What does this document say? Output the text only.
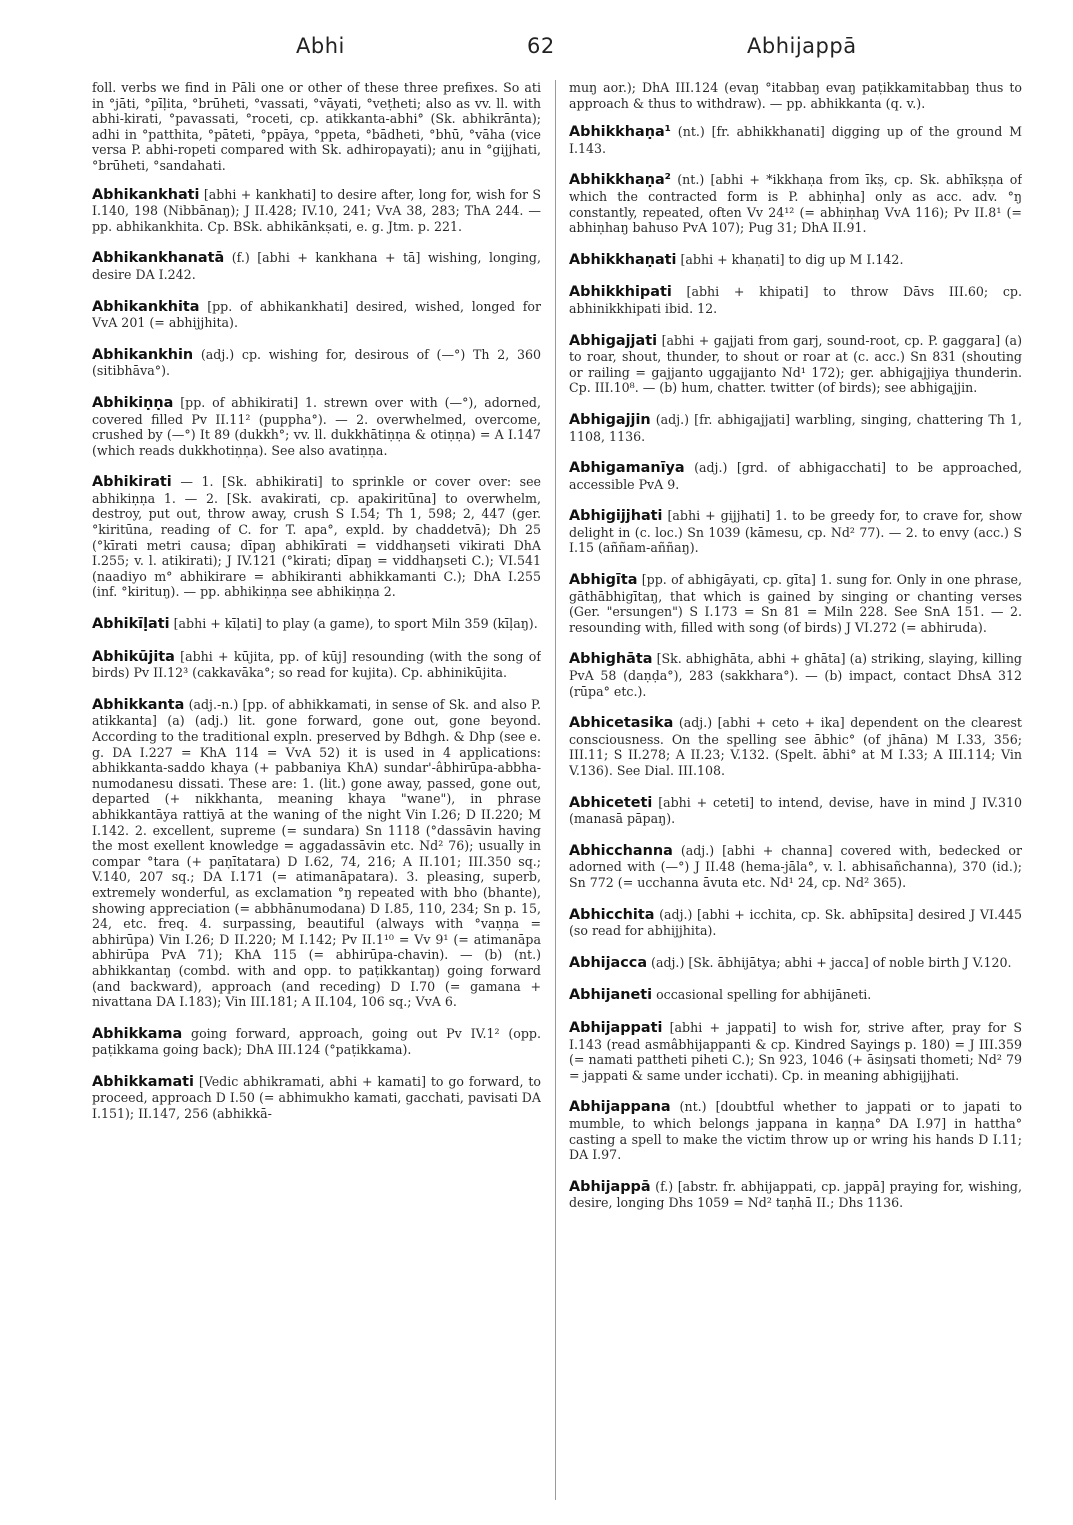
Abhi	62	Abhijappā

foll. verbs we find in Pāli one or other of these three prefixes. So ati in °jāti, °pīḷita, °brūheti, °vassati, °vāyati, °veṭheti; also as vv. ll. with abhi-kirati, °pavassati, °roceti, cp. atikkanta-abhi° (Sk. abhikrānta); adhi in °patthita, °pāteti, °ppāya, °ppeta, °bādheti, °bhū, °vāha (vice versa P. abhi-ropeti compared with Sk. adhiropayati); anu in °gijjhati, °brūheti, °sandahati.

Abhikankhati [abhi + kankhati] to desire after, long for, wish for S I.140, 198 (Nibbānaŋ); J II.428; IV.10, 241; VvA 38, 283; ThA 244. — pp. abhikankhita. Cp. BSk. abhikānkṣati, e. g. Jtm. p. 221.

Abhikankhanatā (f.) [abhi + kankhana + tā] wishing, longing, desire DA I.242.

Abhikankhita [pp. of abhikankhati] desired, wished, longed for VvA 201 (= abhijjhita).

Abhikankhin (adj.) cp. wishing for, desirous of (—°) Th 2, 360 (sitibhāva°).

Abhikiṇṇa [pp. of abhikirati] 1. strewn over with (—°), adorned, covered filled Pv II.11² (puppha°). — 2. overwhelmed, overcome, crushed by (—°) It 89 (dukkh°; vv. ll. dukkhātiṇṇa & otiṇṇa) = A I.147 (which reads dukkhotiṇṇa). See also avatiṇṇa.

Abhikirati — 1. [Sk. abhikirati] to sprinkle or cover over: see abhikiṇṇa 1. — 2. [Sk. avakirati, cp. apakiritūna] to overwhelm, destroy, put out, throw away, crush S I.54; Th 1, 598; 2, 447 (ger. °kiritūna, reading of C. for T. apa°, expld. by chaddetvā); Dh 25 (°kīrati metri causa; dīpaŋ abhikīrati = viddhaŋseti vikirati DhA I.255; v. l. atikirati); J IV.121 (°kirati; dīpaŋ = viddhaŋseti C.); VI.541 (naadiyo m° abhikirare = abhikiranti abhikkamanti C.); DhA I.255 (inf. °kirituŋ). — pp. abhikiṇṇa see abhikiṇṇa 2.

Abhikīḷati [abhi + kīḷati] to play (a game), to sport Miln 359 (kīḷaŋ).

Abhikūjita [abhi + kūjita, pp. of kūj] resounding (with the song of birds) Pv II.12³ (cakkavāka°; so read for kujita). Cp. abhinikūjita.

Abhikkanta (adj.-n.) [pp. of abhikkamati, in sense of Sk. and also P. atikkanta] (a) (adj.) lit. gone forward, gone out, gone beyond. According to the traditional expln. preserved by Bdhgh. & Dhp (see e. g. DA I.227 = KhA 114 = VvA 52) it is used in 4 applications: abhikkanta-saddo khaya (+ pabbaniya KhA) sundar'-âbhirūpa-abbha-numodanesu dissati. These are: 1. (lit.) gone away, passed, gone out, departed (+ nikkhanta, meaning khaya "wane"), in phrase abhikkantāya rattiyā at the waning of the night Vin I.26; D II.220; M I.142. 2. excellent, supreme (= sundara) Sn 1118 (°dassāvin having the most exellent knowledge = aggadassāvin etc. Nd² 76); usually in compar °tara (+ paṇītatara) D I.62, 74, 216; A II.101; III.350 sq.; V.140, 207 sq.; DA I.171 (= atimanāpatara). 3. pleasing, superb, extremely wonderful, as exclamation °ŋ repeated with bho (bhante), showing appreciation (= abbhānumodana) D I.85, 110, 234; Sn p. 15, 24, etc. freq. 4. surpassing, beautiful (always with °vaṇṇa = abhirūpa) Vin I.26; D II.220; M I.142; Pv II.1¹⁰ = Vv 9¹ (= atimanāpa abhirūpa PvA 71); KhA 115 (= abhirūpa-chavin). — (b) (nt.) abhikkantaŋ (combd. with and opp. to paṭikkantaŋ) going forward (and backward), approach (and receding) D I.70 (= gamana + nivattana DA I.183); Vin III.181; A II.104, 106 sq.; VvA 6.

Abhikkama going forward, approach, going out Pv IV.1² (opp. paṭikkama going back); DhA III.124 (°paṭikkama).

Abhikkamati [Vedic abhikramati, abhi + kamati] to go forward, to proceed, approach D I.50 (= abhimukho kamati, gacchati, pavisati DA I.151); II.147, 256 (abhikkā-

muŋ aor.); DhA III.124 (evaŋ °itabbaŋ evaŋ paṭikkamitabbaŋ thus to approach & thus to withdraw). — pp. abhikkanta (q. v.).

Abhikkhaṇa¹ (nt.) [fr. abhikkhanati] digging up of the ground M I.143.

Abhikkhaṇa² (nt.) [abhi + *ikkhaṇa from īkṣ, cp. Sk. abhīkṣṇa of which the contracted form is P. abhiṇha] only as acc. adv. °ŋ constantly, repeated, often Vv 24¹² (= abhiṇhaŋ VvA 116); Pv II.8¹ (= abhiṇhaŋ bahuso PvA 107); Pug 31; DhA II.91.

Abhikkhaṇati [abhi + khaṇati] to dig up M I.142.

Abhikkhipati [abhi + khipati] to throw Dāvs III.60; cp. abhinikkhipati ibid. 12.

Abhigajjati [abhi + gajjati from garj, sound-root, cp. P. gaggara] (a) to roar, shout, thunder, to shout or roar at (c. acc.) Sn 831 (shouting or railing = gajjanto uggajjanto Nd¹ 172); ger. abhigajjiya thunderin. Cp. III.10⁸. — (b) hum, chatter. twitter (of birds); see abhigajjin.

Abhigajjin (adj.) [fr. abhigajjati] warbling, singing, chattering Th 1, 1108, 1136.

Abhigamanīya (adj.) [grd. of abhigacchati] to be approached, accessible PvA 9.

Abhigijjhati [abhi + gijjhati] 1. to be greedy for, to crave for, show delight in (c. loc.) Sn 1039 (kāmesu, cp. Nd² 77). — 2. to envy (acc.) S I.15 (aññam-aññaŋ).

Abhigīta [pp. of abhigāyati, cp. gīta] 1. sung for. Only in one phrase, gāthābhigītaŋ, that which is gained by singing or chanting verses (Ger. "ersungen") S I.173 = Sn 81 = Miln 228. See SnA 151. — 2. resounding with, filled with song (of birds) J VI.272 (= abhiruda).

Abhighāta [Sk. abhighāta, abhi + ghāta] (a) striking, slaying, killing PvA 58 (daṇḍa°), 283 (sakkhara°). — (b) impact, contact DhsA 312 (rūpa° etc.).

Abhicetasika (adj.) [abhi + ceto + ika] dependent on the clearest consciousness. On the spelling see ābhic° (of jhāna) M I.33, 356; III.11; S II.278; A II.23; V.132. (Spelt. ābhi° at M I.33; A III.114; Vin V.136). See Dial. III.108.

Abhiceteti [abhi + ceteti] to intend, devise, have in mind J IV.310 (manasā pāpaŋ).

Abhicchanna (adj.) [abhi + channa] covered with, bedecked or adorned with (—°) J II.48 (hema-jāla°, v. l. abhisañchanna), 370 (id.); Sn 772 (= ucchanna āvuta etc. Nd¹ 24, cp. Nd² 365).

Abhicchita (adj.) [abhi + icchita, cp. Sk. abhīpsita] desired J VI.445 (so read for abhijjhita).

Abhijacca (adj.) [Sk. ābhijātya; abhi + jacca] of noble birth J V.120.

Abhijaneti occasional spelling for abhijāneti.

Abhijappati [abhi + jappati] to wish for, strive after, pray for S I.143 (read asmâbhijappanti & cp. Kindred Sayings p. 180) = J III.359 (= namati pattheti piheti C.); Sn 923, 1046 (+ āsiŋsati thometi; Nd² 79 = jappati & same under icchati). Cp. in meaning abhigijjhati.

Abhijappana (nt.) [doubtful whether to jappati or to japati to mumble, to which belongs jappana in kaṇṇa° DA I.97] in hattha° casting a spell to make the victim throw up or wring his hands D I.11; DA I.97.

Abhijappā (f.) [abstr. fr. abhijappati, cp. jappā] praying for, wishing, desire, longing Dhs 1059 = Nd² taṇhā II.; Dhs 1136.
